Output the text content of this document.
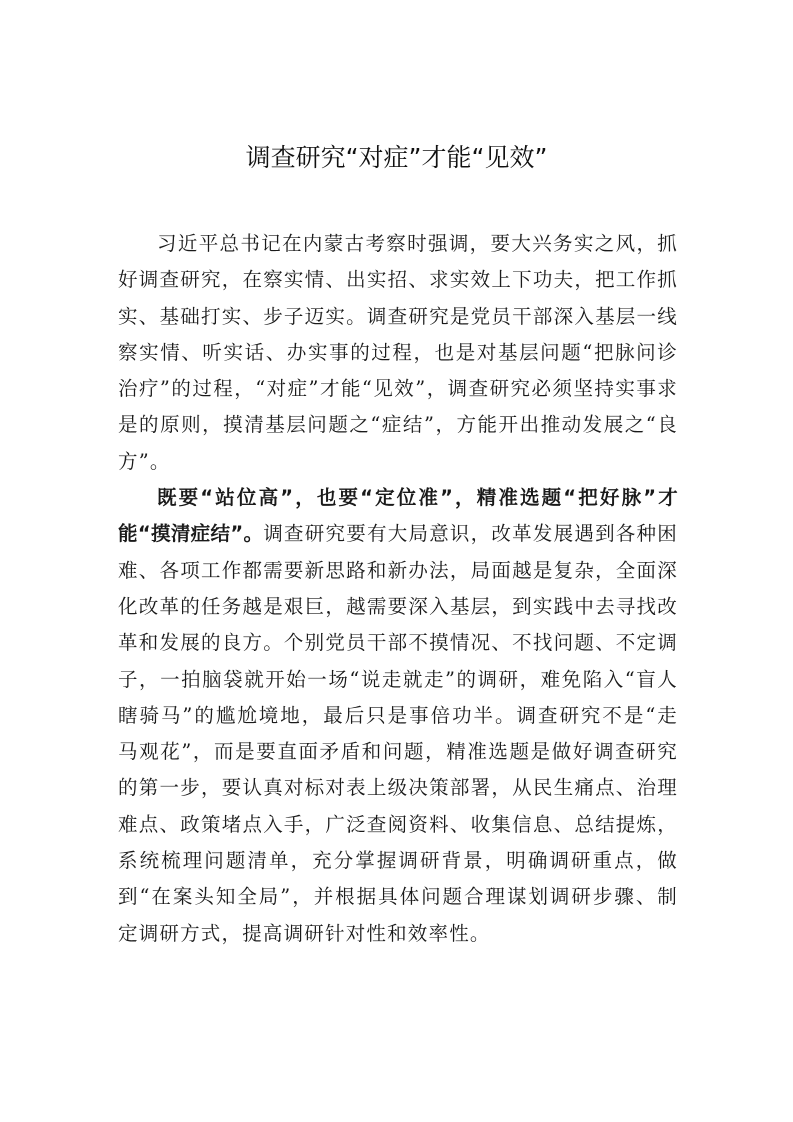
调查研究“对症”才能“见效”

习近平总书记在内蒙古考察时强调，要大兴务实之风，抓好调查研究，在察实情、出实招、求实效上下功夫，把工作抓实、基础打实、步子迈实。调查研究是党员干部深入基层一线察实情、听实话、办实事的过程，也是对基层问题“把脉问诊治疗”的过程，“对症”才能“见效”，调查研究必须坚持实事求是的原则，摸清基层问题之“症结”，方能开出推动发展之“良方”。

既要“站位高”，也要“定位准”，精准选题“把好脉”才能“摸清症结”。调查研究要有大局意识，改革发展遇到各种困难、各项工作都需要新思路和新办法，局面越是复杂，全面深化改革的任务越是艰巨，越需要深入基层，到实践中去寻找改革和发展的良方。个别党员干部不摸情况、不找问题、不定调子，一拍脑袋就开始一场“说走就走”的调研，难免陷入“盲人瞎骑马”的尴尬境地，最后只是事倍功半。调查研究不是“走马观花”，而是要直面矛盾和问题，精准选题是做好调查研究的第一步，要认真对标对表上级决策部署，从民生痛点、治理难点、政策堵点入手，广泛查阅资料、收集信息、总结提炼，系统梳理问题清单，充分掌握调研背景，明确调研重点，做到“在案头知全局”，并根据具体问题合理谋划调研步骤、制定调研方式，提高调研针对性和效率性。
